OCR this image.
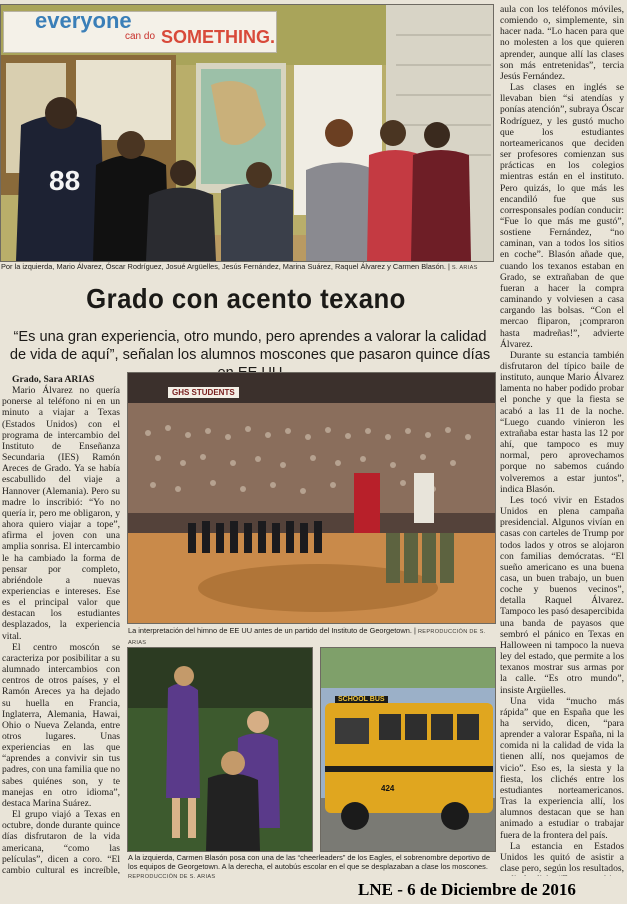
everyone
can do SOMETHING.
88
Por la izquierda, Mario Álvarez, Óscar Rodríguez, Josué Argüelles, Jesús Fernández, Marina Suárez, Raquel Álvarez y Carmen Blasón. | S. ARIAS
Grado con acento texano
“Es una gran experiencia, otro mundo, pero aprendes a valorar la calidad de vida de aquí”, señalan los alumnos moscones que pasaron quince días
GHS STUDENTS
La interpretación del himno de EE UU antes de un partido del Instituto de Georgetown. | REPRODUCCIÓN DE S. ARIAS
SCHOOL BUS
424
A la izquierda, Carmen Blasón posa con una de las “cheerleaders” de los Eagles, el sobrenombre deportivo de los equipos de Georgetown. A la derecha, el autobús escolar en el que se desplazaban a clase los moscones.
REPRODUCCIÓN DE S. ARIAS

Grado, Sara ARIAS

Mario Álvarez no quería ponerse al teléfono ni en un minuto a viajar a Texas (Estados Unidos) con el programa de intercambio del Instituto de Enseñanza Secundaria (IES) Ramón Areces de Grado. Ya se había escabullido del viaje a Hannover (Alemania). Pero su madre lo inscribió: “Yo no quería ir, pero me obligaron, y ahora quiero viajar a tope”, afirma el joven con una amplia sonrisa. El intercambio le ha cambiado la forma de pensar por completo, abriéndole a nuevas experiencias e intereses. Ese es el principal valor que destacan los estudiantes desplazados, la experiencia vital.

El centro moscón se caracteriza por posibilitar a su alumnado intercambios con centros de otros países, y el Ramón Areces ya ha dejado su huella en Francia, Inglaterra, Alemania, Hawai, Ohio o Nueva Zelanda, entre otros lugares. Unas experiencias en las que “aprendes a convivir sin tus padres, con una familia que no sabes quiénes son, y te manejas en otro idioma”, destaca Marina Suárez.

El grupo viajó a Texas en octubre, donde durante quince días disfrutaron de la vida americana, “como las películas”, dicen a coro. “El cambio cultural es increíble,

aula con los teléfonos móviles, comiendo o, simplemente, sin hacer nada. “Lo hacen para que no molesten a los que quieren aprender, aunque allí las clases son más entretenidas”, tercia Jesús Fernández.

Las clases en inglés se llevaban bien “si atendías y ponías atención”, subraya Óscar Rodríguez, y les gustó mucho que los estudiantes norteamericanos que deciden ser profesores comienzan sus prácticas en los colegios mientras están en el instituto. Pero quizás, lo que más les encandiló fue que sus corresponsales podían conducir: “Fue lo que más me gustó”, sostiene Fernández, “no caminan, van a todos los sitios en coche”. Blasón añade que, cuando los texanos estaban en Grado, se extrañaban de que fueran a hacer la compra caminando y volviesen a casa cargando las bolsas. “Con el mercao fliparon, ¡compraron hasta madreñas!”, advierte Álvarez.

Durante su estancia también disfrutaron del típico baile de instituto, aunque Mario Álvarez lamenta no haber podido probar el ponche y que la fiesta se acabó a las 11 de la noche. “Luego cuando vinieron les extrañaba estar hasta las 12 por ahí, que tampoco es muy normal, pero aprovechamos porque no sabemos cuándo volveremos a estar juntos”, indica Blasón.

Les tocó vivir en Estados Unidos en plena campaña presidencial. Algunos vivían en casas con carteles de Trump por todos lados y otros se alojaron con familias demócratas. “El sueño americano es una buena casa, un buen trabajo, un buen coche y buenos vecinos”, detalla Raquel Álvarez. Tampoco les pasó desapercibida una banda de payasos que sembró el pánico en Texas en Halloween ni tampoco la nueva ley del estado, que permite a los texanos mostrar sus armas por la calle. “Es otro mundo”, insiste Argüelles.

Una vida “mucho más rápida” que en España que les ha servido, dicen, “para aprender a valorar España, ni la comida ni la calidad de vida la tienen allí, nos quejamos de vicio”. Eso es, la siesta y la fiesta, los clichés entre los estudiantes norteamericanos. Tras la experiencia allí, los alumnos destacan que se han animado a estudiar o trabajar fuera de la frontera del país.

La estancia en Estados Unidos les quitó de asistir a clase pero, según los resultados,

LNE - 6 de Diciembre de 2016
